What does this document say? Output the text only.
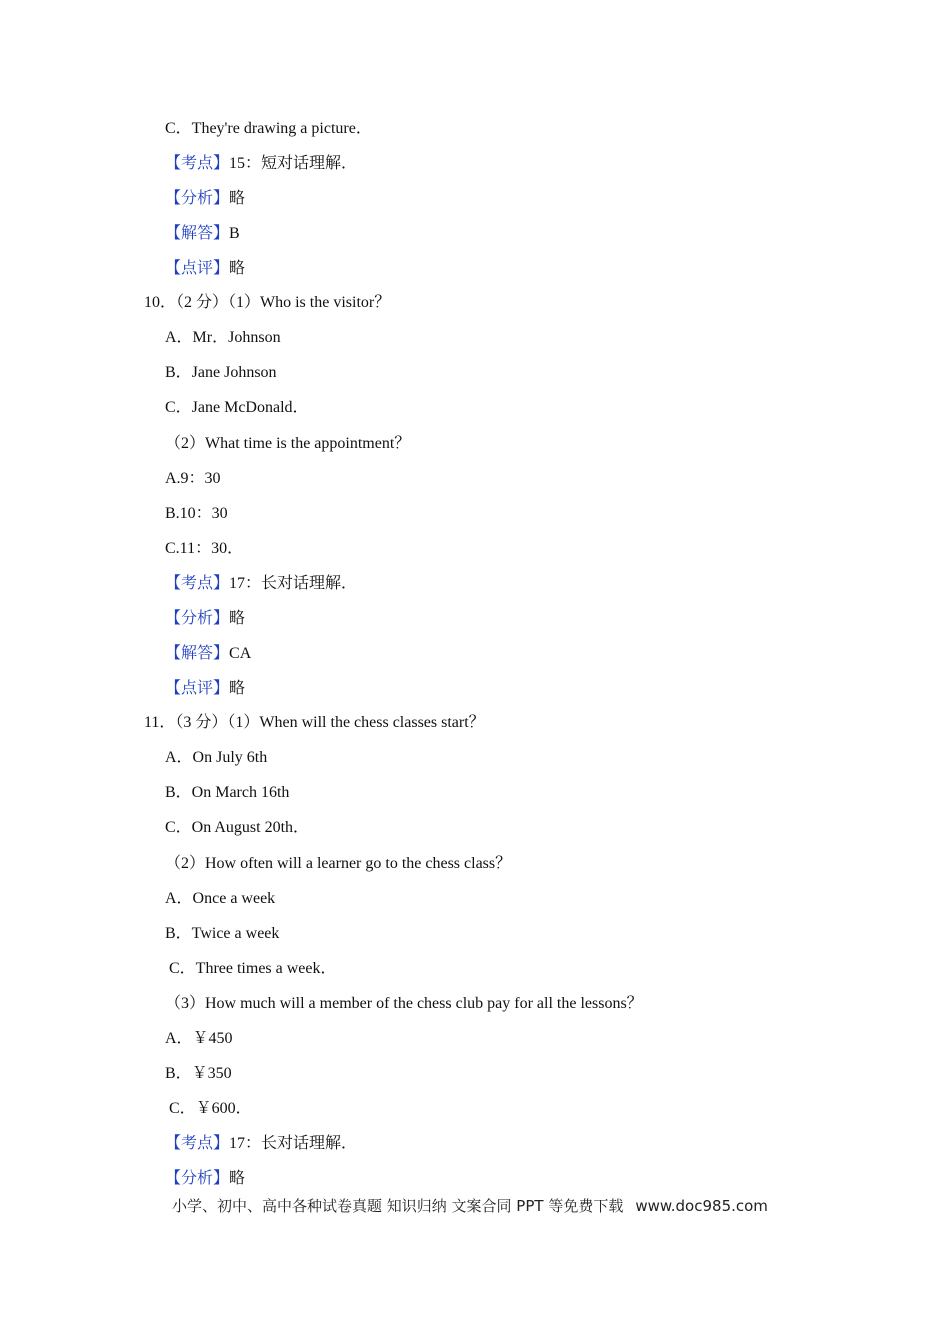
C．They're drawing a picture．
【考点】15：短对话理解．
【分析】略
【解答】B
【点评】略
10．（2 分）（1）Who is the visitor？
A．Mr．Johnson
B．Jane Johnson
C．Jane McDonald．
（2）What time is the appointment？
A.9：30
B.10：30
C.11：30．
【考点】17：长对话理解．
【分析】略
【解答】CA
【点评】略
11．（3 分）（1）When will the chess classes start？
A．On July 6th
B．On March 16th
C．On August 20th．
（2）How often will a learner go to the chess class？
A．Once a week
B．Twice a week
C．Three times a week．
（3）How much will a member of the chess club pay for all the lessons？
A．￥450
B．￥350
C．￥600．
【考点】17：长对话理解．
【分析】略
小学、初中、高中各种试卷真题 知识归纳 文案合同 PPT 等免费下载 www.doc985.com
